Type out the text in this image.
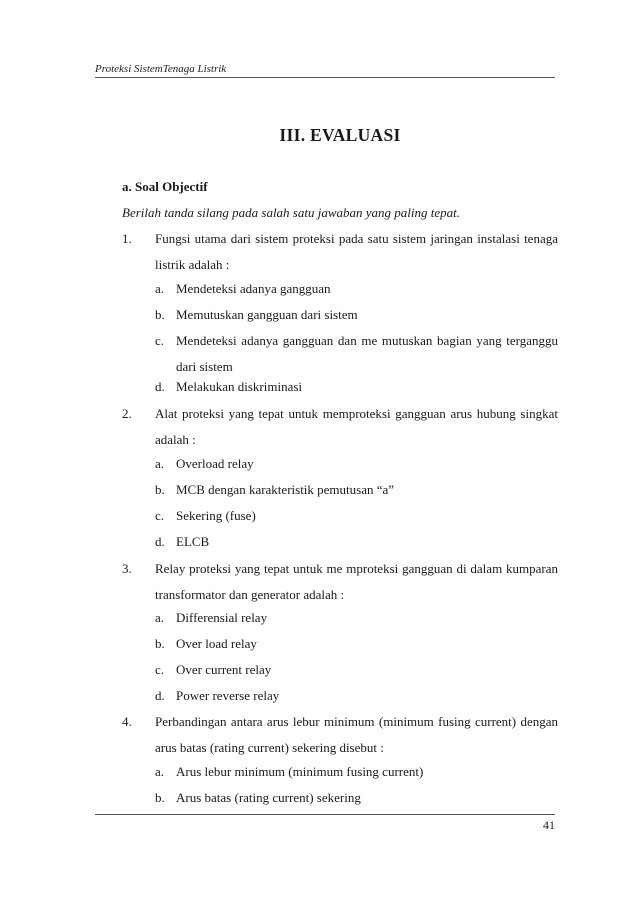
Proteksi SistemTenaga Listrik
III. EVALUASI
a. Soal Objectif
Berilah tanda silang pada salah satu jawaban yang paling tepat.
1. Fungsi utama dari sistem proteksi pada satu sistem jaringan instalasi tenaga listrik adalah :
a. Mendeteksi adanya gangguan
b. Memutuskan gangguan dari sistem
c. Mendeteksi adanya gangguan dan me mutuskan bagian yang terganggu dari sistem
d. Melakukan diskriminasi
2. Alat proteksi yang tepat untuk memproteksi gangguan arus hubung singkat adalah :
a. Overload relay
b. MCB dengan karakteristik pemutusan “a”
c. Sekering (fuse)
d. ELCB
3. Relay proteksi yang tepat untuk me mproteksi gangguan di dalam kumparan transformator dan generator adalah :
a. Differensial relay
b. Over load relay
c. Over current relay
d. Power reverse relay
4. Perbandingan antara arus lebur minimum (minimum fusing current) dengan arus batas (rating current) sekering disebut :
a. Arus lebur minimum (minimum fusing current)
b. Arus batas (rating current) sekering
41
